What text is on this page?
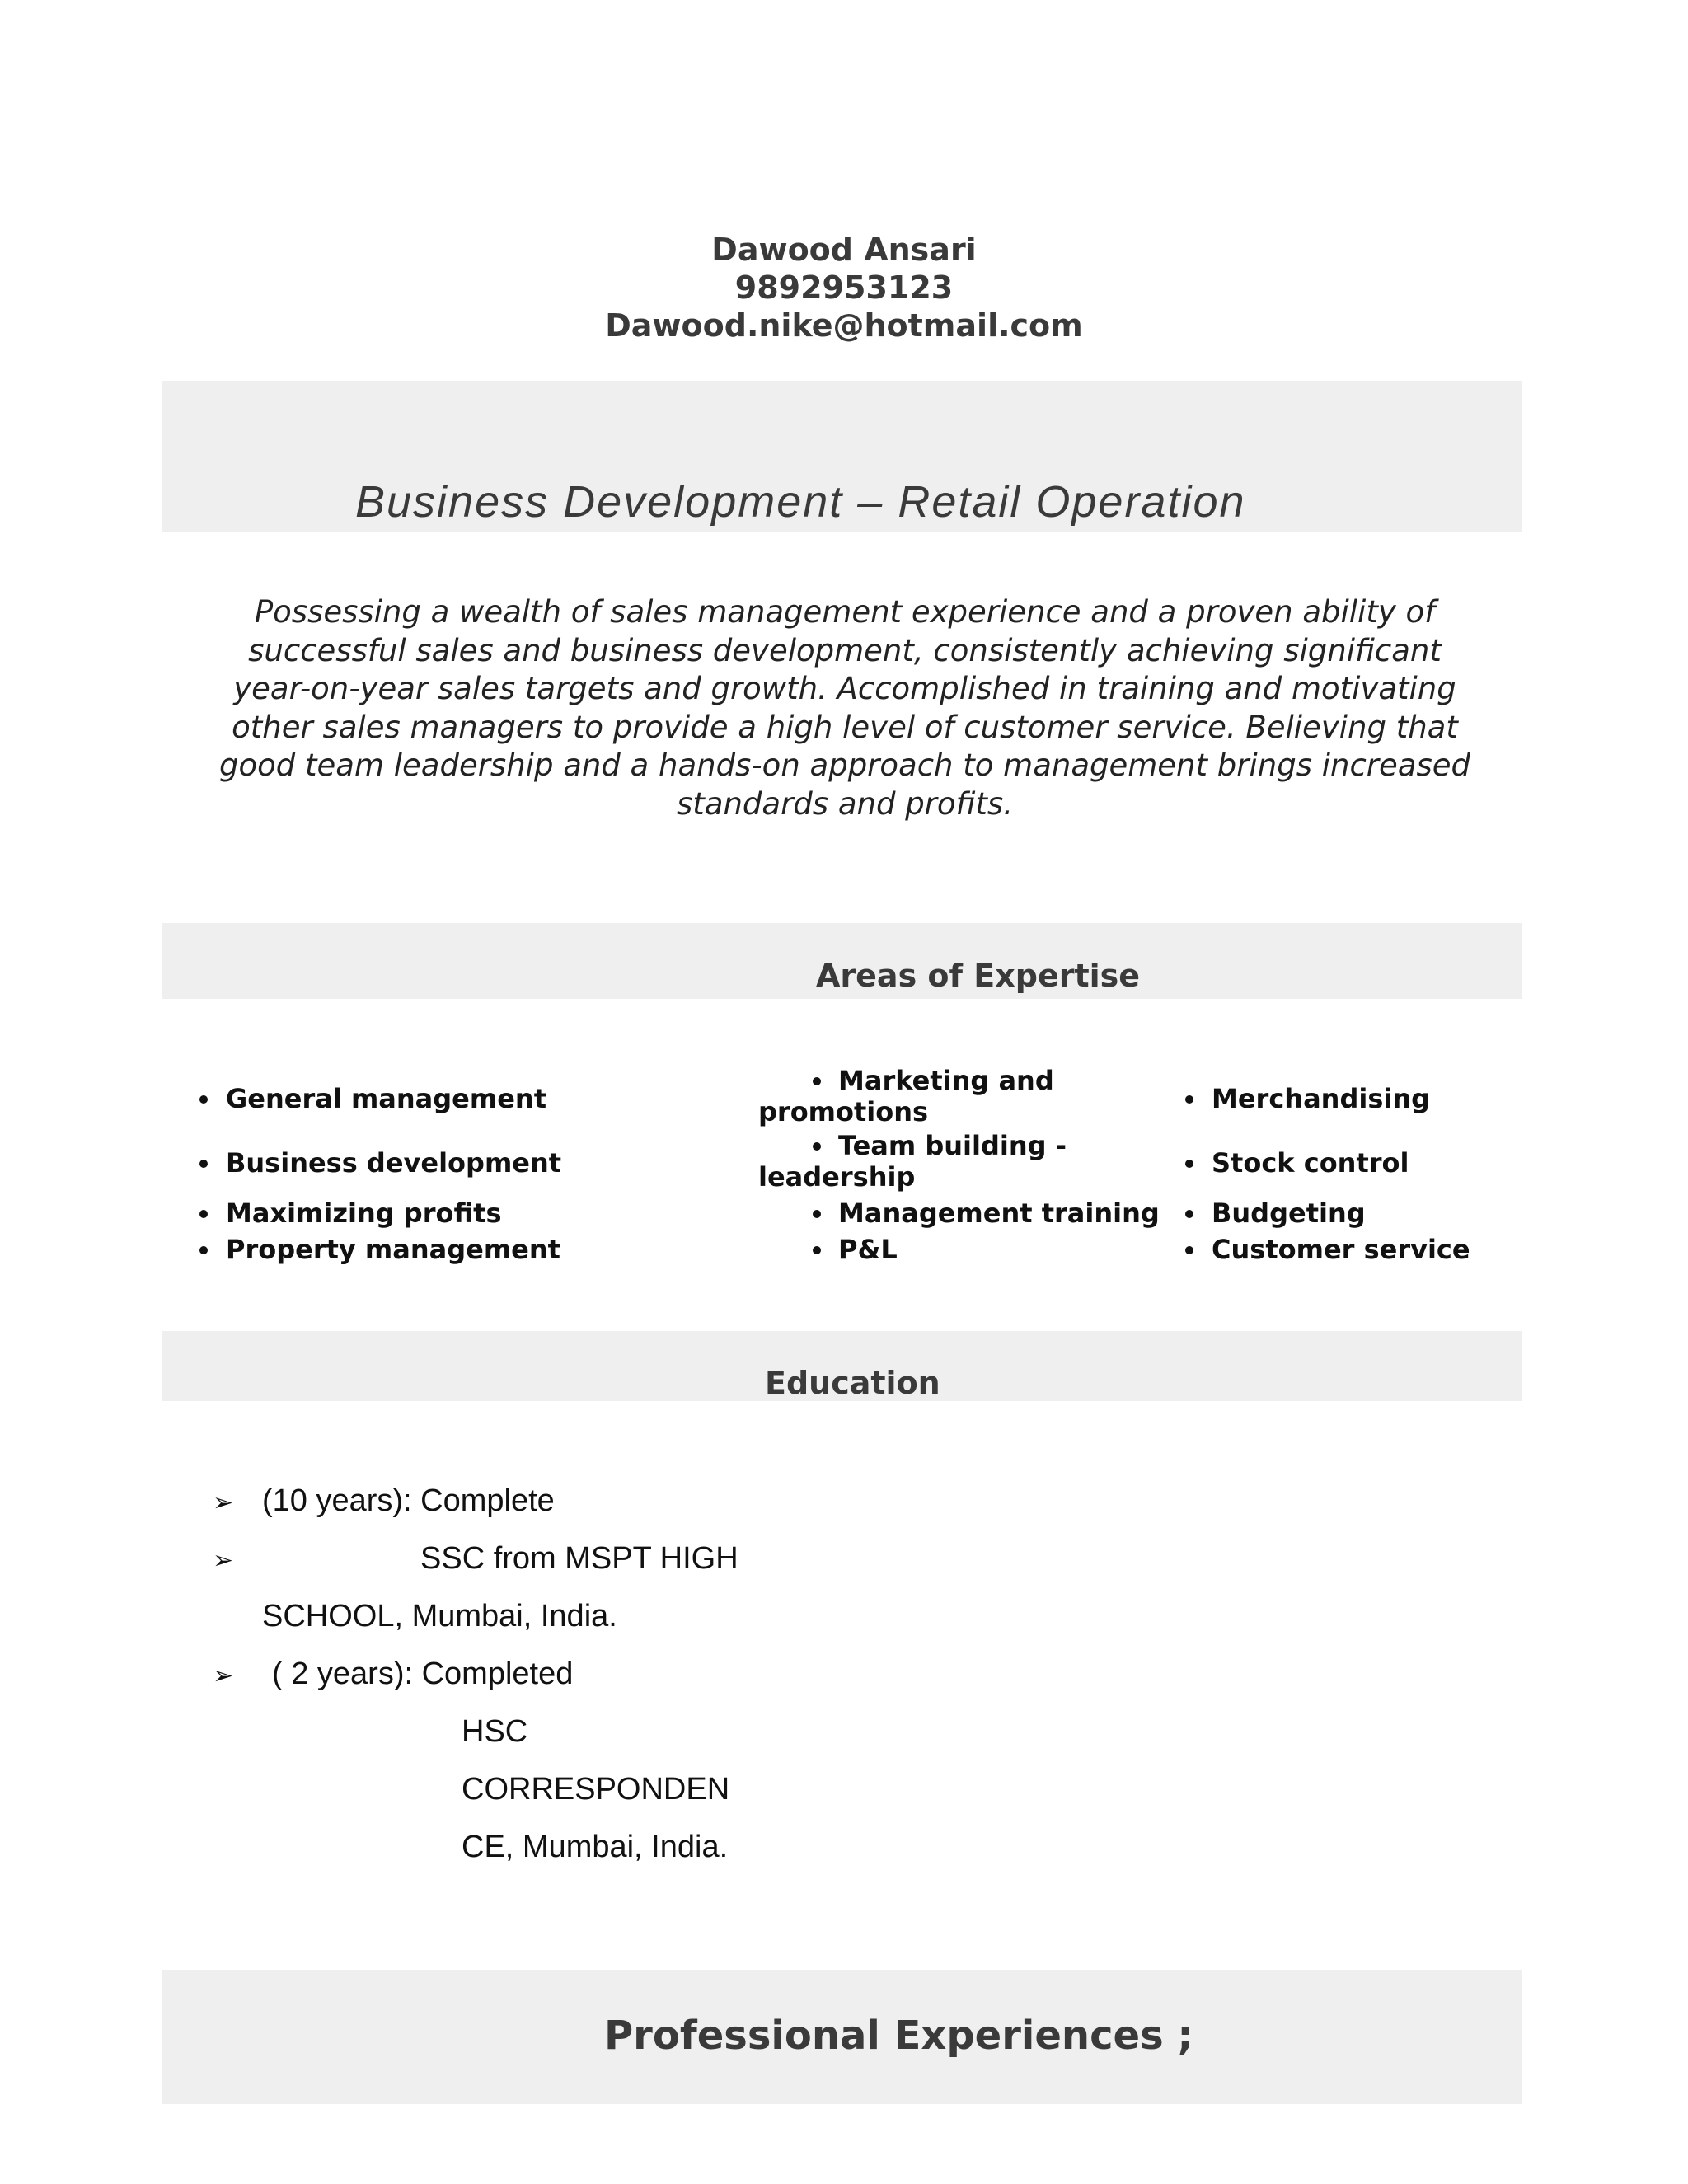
Dawood Ansari
9892953123
Dawood.nike@hotmail.com
Business Development – Retail Operation
Possessing a wealth of sales management experience and a proven ability of successful sales and business development, consistently achieving significant year-on-year sales targets and growth. Accomplished in training and motivating other sales managers to provide a high level of customer service. Believing that good team leadership and a hands-on approach to management brings increased standards and profits.
Areas of Expertise
General management
Business development
Maximizing profits
Property management
Marketing and
promotions
Team building -
leadership
Management training
P&L
Merchandising
Stock control
Budgeting
Customer service
Education
➢ (10 years): Complete
➢	SSC from MSPT HIGH
SCHOOL, Mumbai, India.
➢ ( 2 years): Completed
HSC
CORRESPONDEN
CE, Mumbai, India.
Professional Experiences ;
